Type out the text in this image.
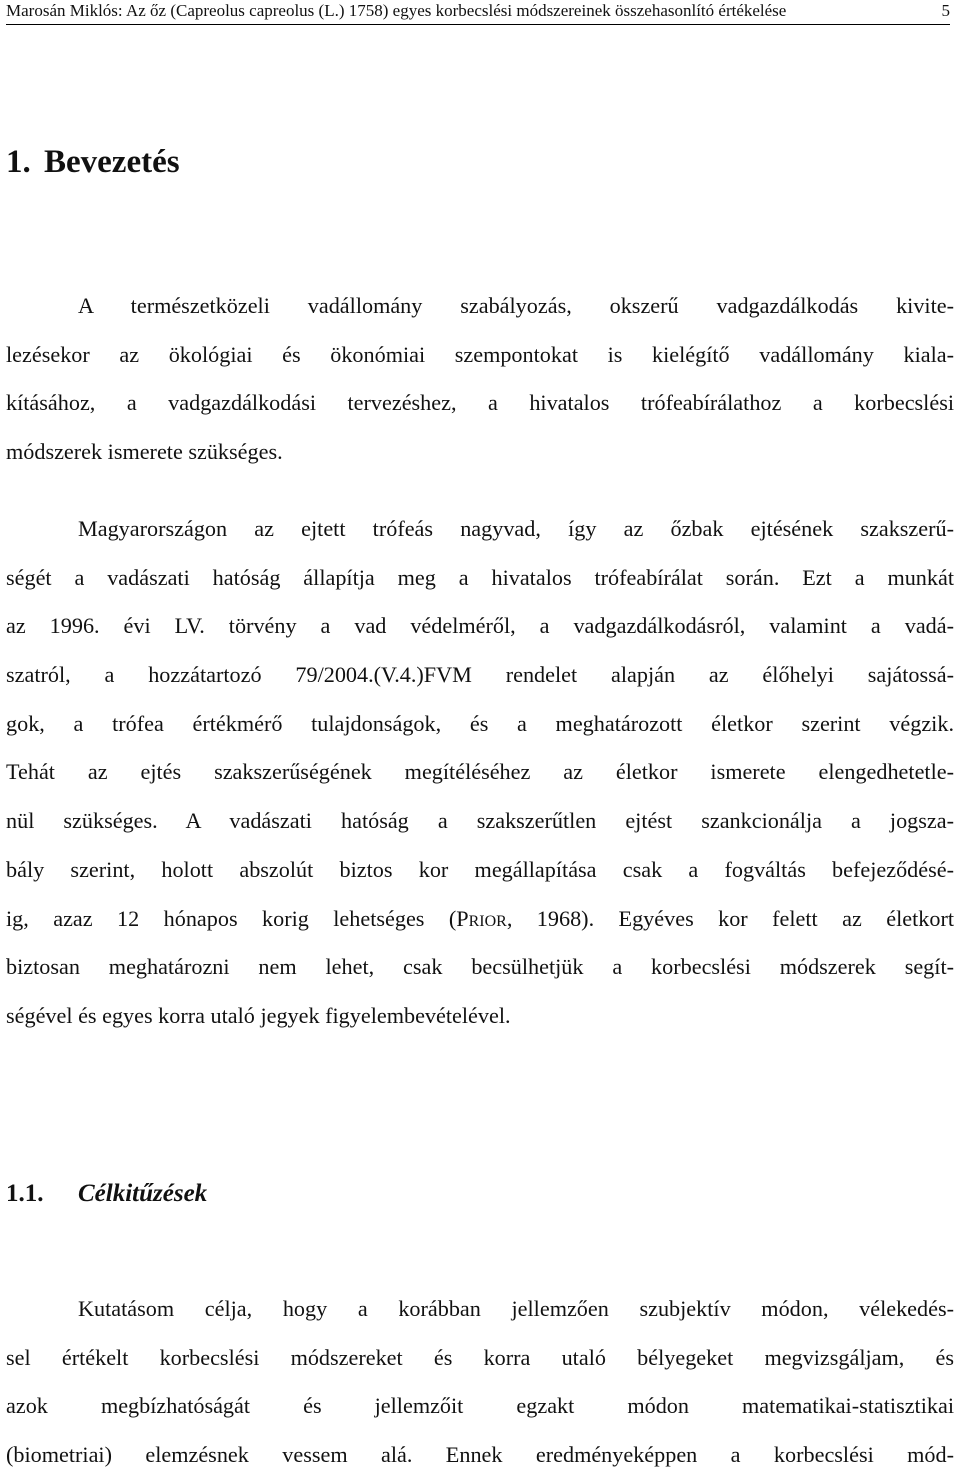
Marosán Miklós: Az őz (Capreolus capreolus (L.) 1758) egyes korbecslési módszereinek összehasonlító értékelése	5
1. Bevezetés

A természetközeli vadállomány szabályozás, okszerű vadgazdálkodás kivite-
lezésekor az ökológiai és ökonómiai szempontokat is kielégítő vadállomány kiala-
kításához, a vadgazdálkodási tervezéshez, a hivatalos trófeabírálathoz a korbecslési
módszerek ismerete szükséges.

Magyarországon az ejtett trófeás nagyvad, így az őzbak ejtésének szakszerű-
ségét a vadászati hatóság állapítja meg a hivatalos trófeabírálat során. Ezt a munkát
az 1996. évi LV. törvény a vad védelméről, a vadgazdálkodásról, valamint a vadá-
szatról, a hozzátartozó 79/2004.(V.4.)FVM rendelet alapján az élőhelyi sajátossá-
gok, a trófea értékmérő tulajdonságok, és a meghatározott életkor szerint végzik.
Tehát az ejtés szakszerűségének megítéléséhez az életkor ismerete elengedhetetle-
nül szükséges. A vadászati hatóság a szakszerűtlen ejtést szankcionálja a jogsza-
bály szerint, holott abszolút biztos kor megállapítása csak a fogváltás befejeződésé-
ig, azaz 12 hónapos korig lehetséges (Prior, 1968). Egyéves kor felett az életkort
biztosan meghatározni nem lehet, csak becsülhetjük a korbecslési módszerek segít-
ségével és egyes korra utaló jegyek figyelembevételével.

1.1. Célkitűzések

Kutatásom célja, hogy a korábban jellemzően szubjektív módon, vélekedés-
sel értékelt korbecslési módszereket és korra utaló bélyegeket megvizsgáljam, és
azok megbízhatóságát és jellemzőit egzakt módon matematikai-statisztikai
(biometriai) elemzésnek vessem alá. Ennek eredményeképpen a korbecslési mód-
